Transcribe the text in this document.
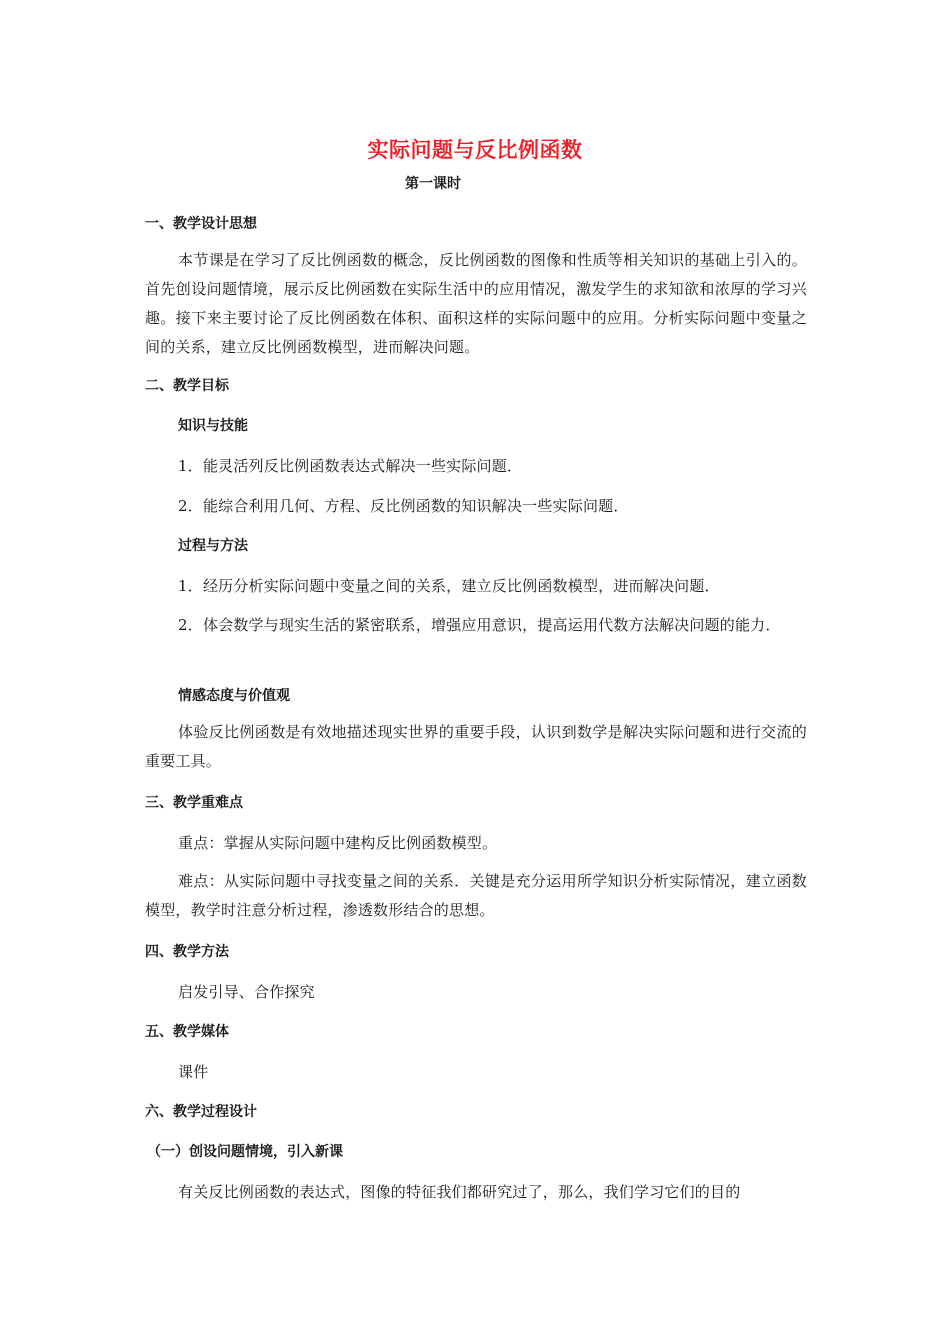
实际问题与反比例函数
第一课时
一、教学设计思想
本节课是在学习了反比例函数的概念，反比例函数的图像和性质等相关知识的基础上引入的。首先创设问题情境，展示反比例函数在实际生活中的应用情况，激发学生的求知欲和浓厚的学习兴趣。接下来主要讨论了反比例函数在体积、面积这样的实际问题中的应用。分析实际问题中变量之间的关系，建立反比例函数模型，进而解决问题。
二、教学目标
知识与技能
1．能灵活列反比例函数表达式解决一些实际问题．
2．能综合利用几何、方程、反比例函数的知识解决一些实际问题．
过程与方法
1．经历分析实际问题中变量之间的关系，建立反比例函数模型，进而解决问题．
2．体会数学与现实生活的紧密联系，增强应用意识，提高运用代数方法解决问题的能力．
情感态度与价值观
体验反比例函数是有效地描述现实世界的重要手段，认识到数学是解决实际问题和进行交流的重要工具。
三、教学重难点
重点：掌握从实际问题中建构反比例函数模型。
难点：从实际问题中寻找变量之间的关系．关键是充分运用所学知识分析实际情况，建立函数模型，教学时注意分析过程，渗透数形结合的思想。
四、教学方法
启发引导、合作探究
五、教学媒体
课件
六、教学过程设计
（一）创设问题情境，引入新课
有关反比例函数的表达式，图像的特征我们都研究过了，那么，我们学习它们的目的
